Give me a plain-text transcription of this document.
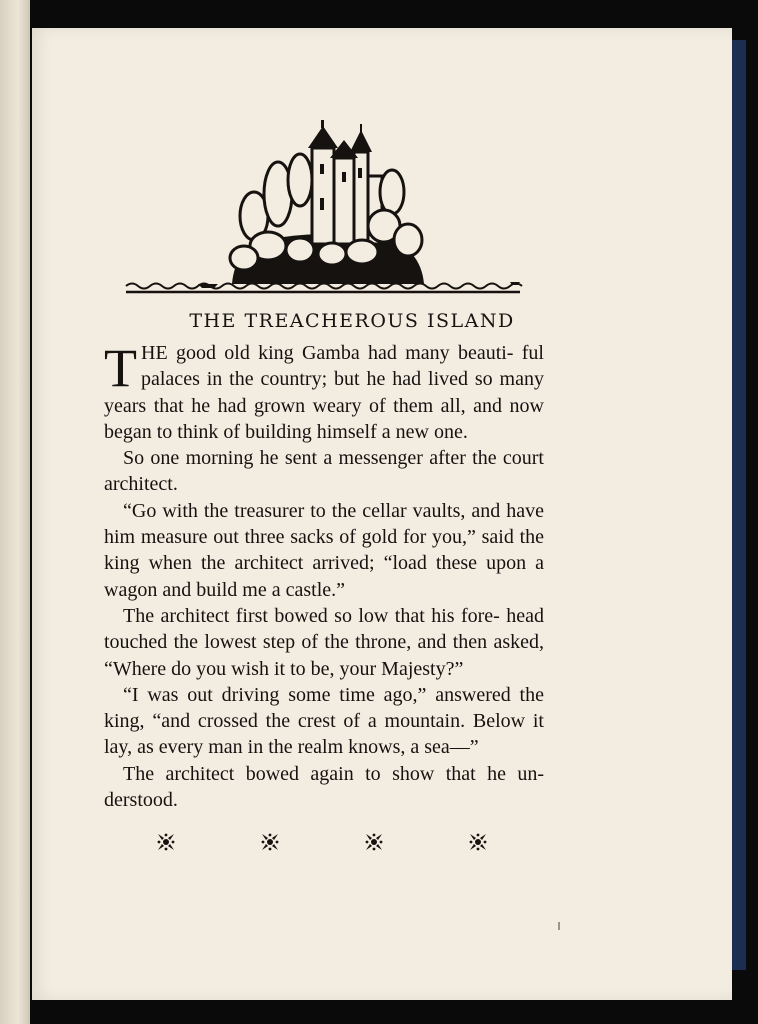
THE TREACHEROUS ISLAND

THE good old king Gamba had many beauti- ful palaces in the country; but he had lived so many years that he had grown weary of them all, and now began to think of building himself a new one.

So one morning he sent a messenger after the court architect.

“Go with the treasurer to the cellar vaults, and have him measure out three sacks of gold for you,” said the king when the architect arrived; “load these upon a wagon and build me a castle.”

The architect first bowed so low that his fore- head touched the lowest step of the throne, and then asked, “Where do you wish it to be, your Majesty?”

“I was out driving some time ago,” answered the king, “and crossed the crest of a mountain. Below it lay, as every man in the realm knows, a sea—”

The architect bowed again to show that he un- derstood.
